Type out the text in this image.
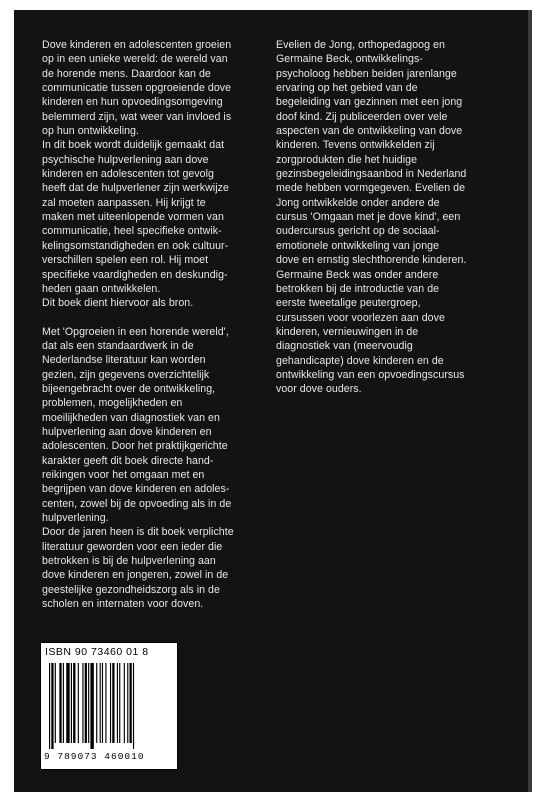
Dove kinderen en adolescenten groeien
op in een unieke wereld: de wereld van
de horende mens. Daardoor kan de
communicatie tussen opgroeiende dove
kinderen en hun opvoedingsomgeving
belemmerd zijn, wat weer van invloed is
op hun ontwikkeling.
In dit boek wordt duidelijk gemaakt dat
psychische hulpverlening aan dove
kinderen en adolescenten tot gevolg
heeft dat de hulpverlener zijn werkwijze
zal moeten aanpassen. Hij krijgt te
maken met uiteenlopende vormen van
communicatie, heel specifieke ontwik-
kelingsomstandigheden en ook cultuur-
verschillen spelen een rol. Hij moet
specifieke vaardigheden en deskundig-
heden gaan ontwikkelen.
Dit boek dient hiervoor als bron.

Met 'Opgroeien in een horende wereld',
dat als een standaardwerk in de
Nederlandse literatuur kan worden
gezien, zijn gegevens overzichtelijk
bijeengebracht over de ontwikkeling,
problemen, mogelijkheden en
moeilijkheden van diagnostiek van en
hulpverlening aan dove kinderen en
adolescenten. Door het praktijkgerichte
karakter geeft dit boek directe hand-
reikingen voor het omgaan met en
begrijpen van dove kinderen en adoles-
centen, zowel bij de opvoeding als in de
hulpverlening.
Door de jaren heen is dit boek verplichte
literatuur geworden voor een ieder die
betrokken is bij de hulpverlening aan
dove kinderen en jongeren, zowel in de
geestelijke gezondheidszorg als in de
scholen en internaten voor doven.

Evelien de Jong, orthopedagoog en
Germaine Beck, ontwikkelings-
psycholoog hebben beiden jarenlange
ervaring op het gebied van de
begeleiding van gezinnen met een jong
doof kind. Zij publiceerden over vele
aspecten van de ontwikkeling van dove
kinderen. Tevens ontwikkelden zij
zorgprodukten die het huidige
gezinsbegeleidingsaanbod in Nederland
mede hebben vormgegeven. Evelien de
Jong ontwikkelde onder andere de
cursus 'Omgaan met je dove kind', een
oudercursus gericht op de sociaal-
emotionele ontwikkeling van jonge
dove en ernstig slechthorende kinderen.
Germaine Beck was onder andere
betrokken bij de introductie van de
eerste tweetalige peutergroep,
cursussen voor voorlezen aan dove
kinderen, vernieuwingen in de
diagnostiek van (meervoudig
gehandicapte) dove kinderen en de
ontwikkeling van een opvoedingscursus
voor dove ouders.

ISBN 90 73460 01 8
9 789073 460010
